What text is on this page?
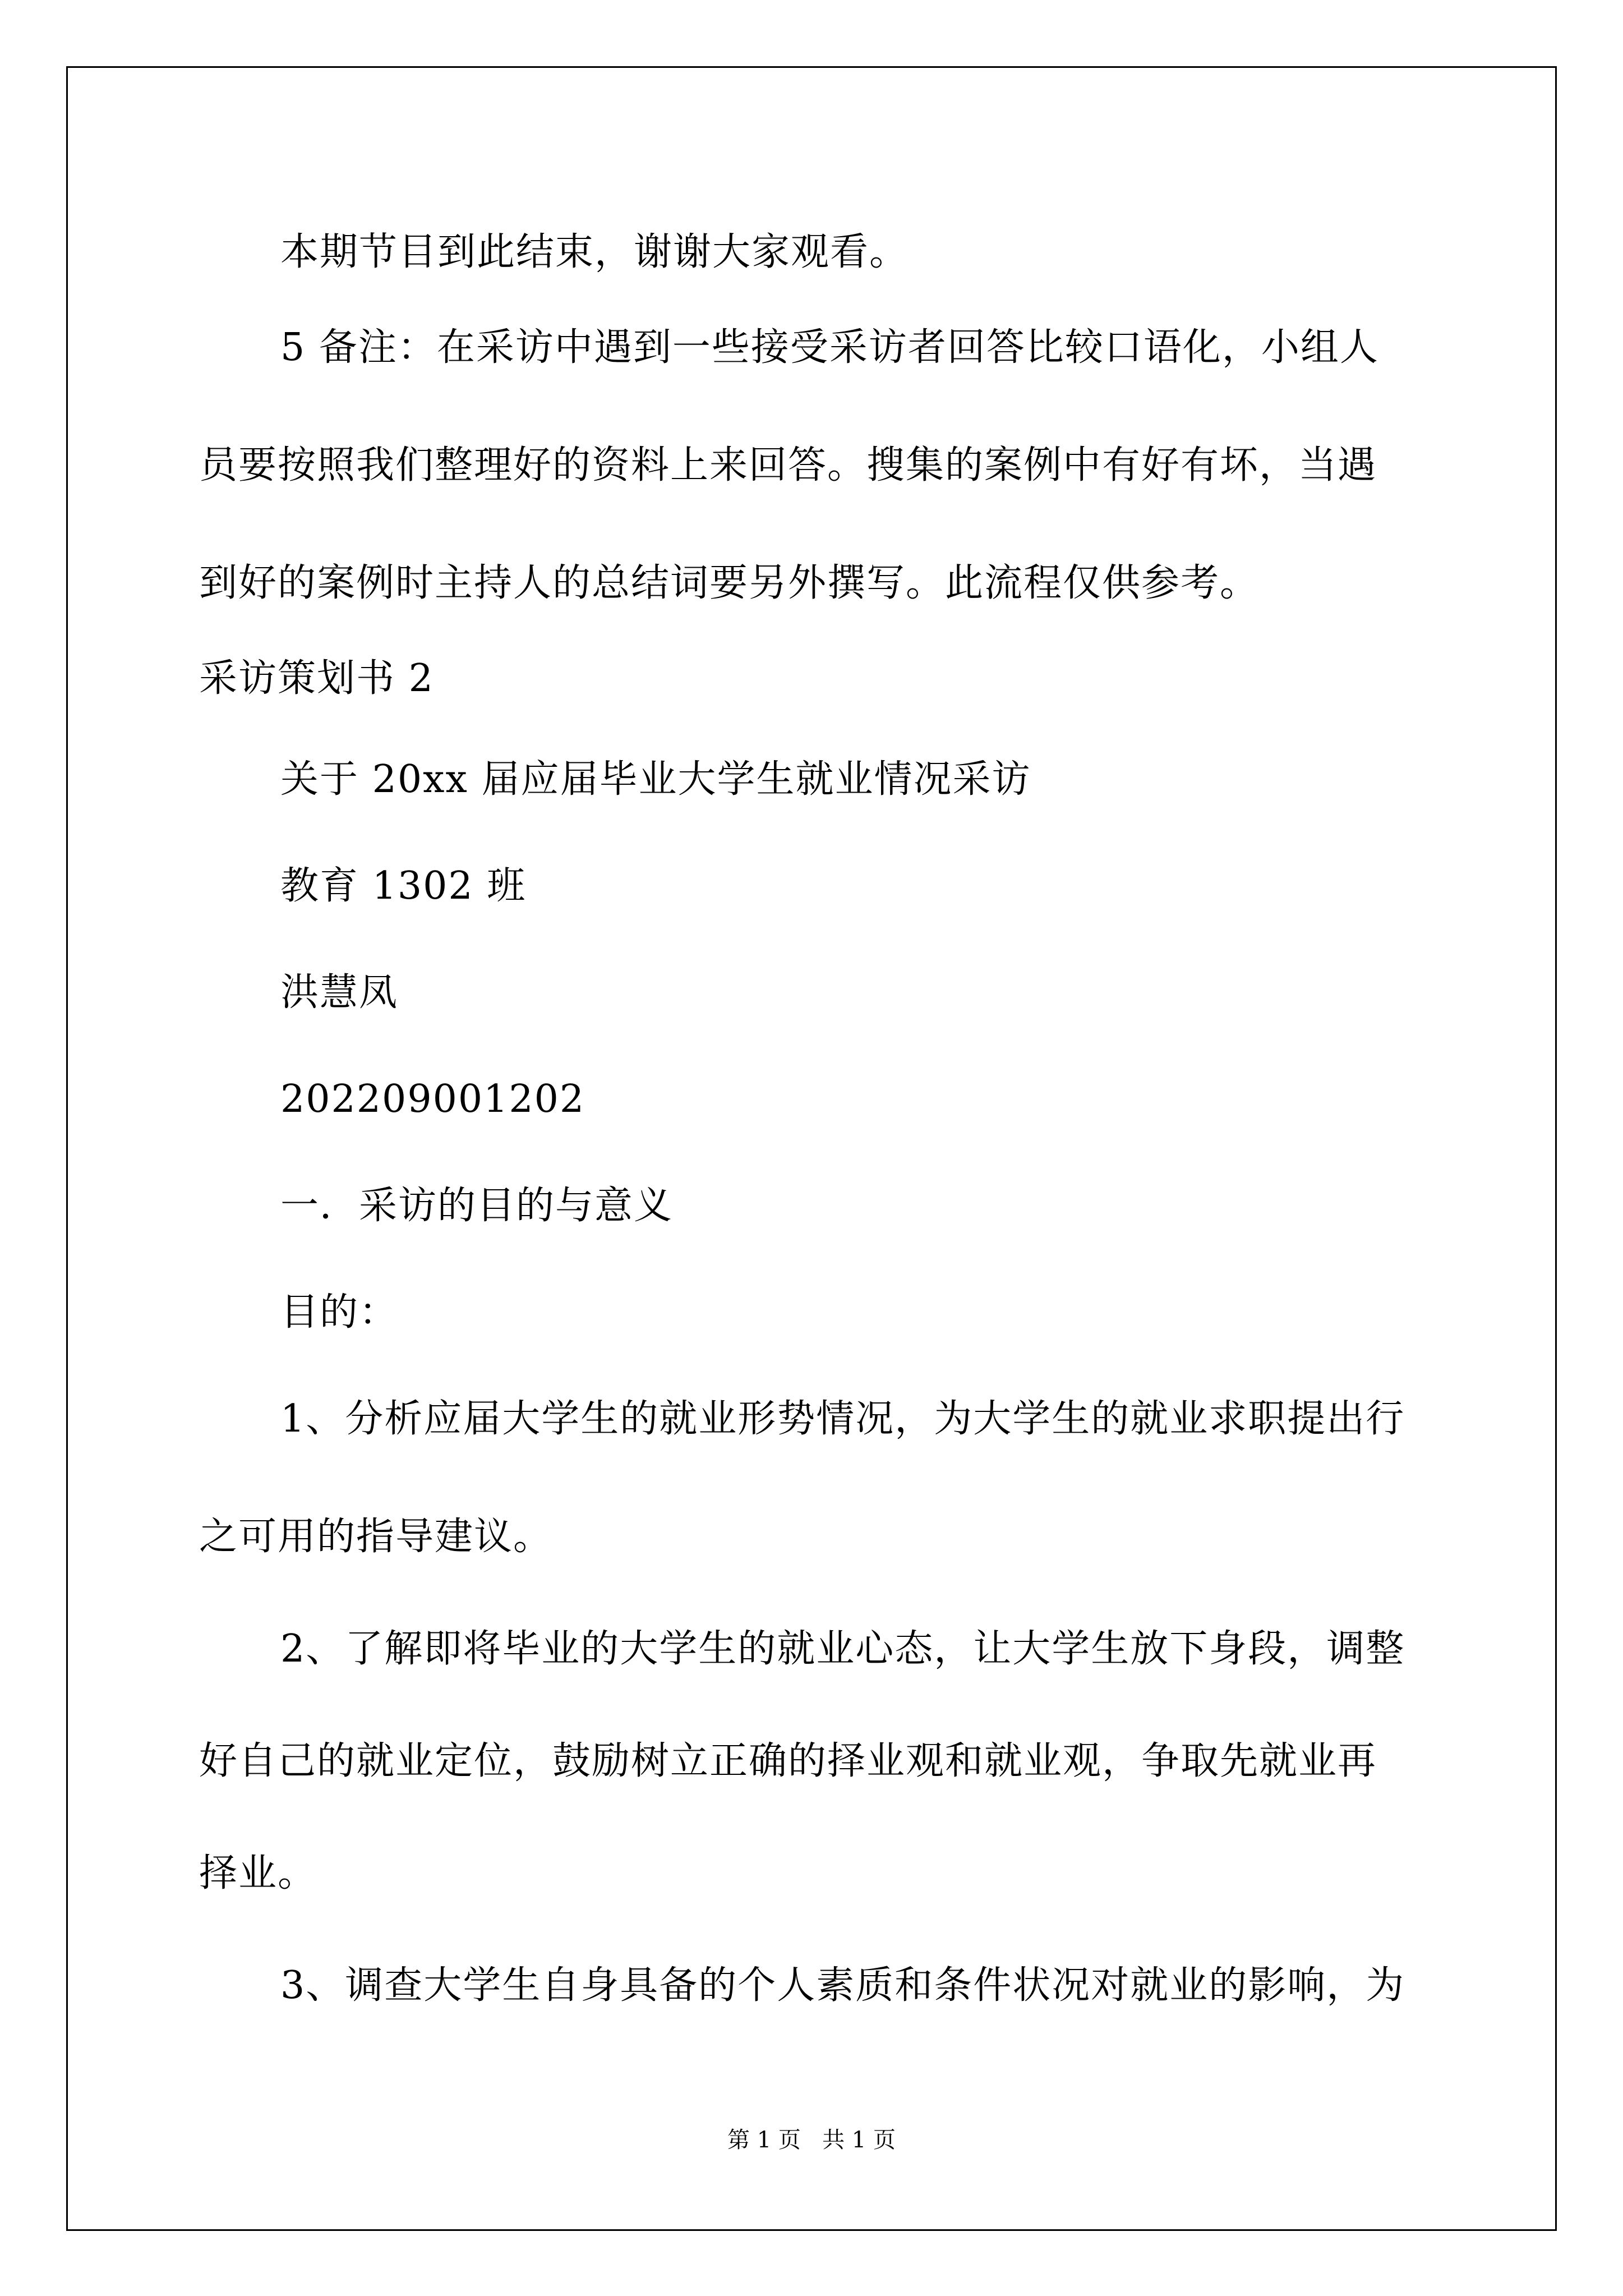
本期节目到此结束，谢谢大家观看。
5 备注：在采访中遇到一些接受采访者回答比较口语化，小组人
员要按照我们整理好的资料上来回答。搜集的案例中有好有坏，当遇
到好的案例时主持人的总结词要另外撰写。此流程仅供参考。
采访策划书 2
关于 20xx 届应届毕业大学生就业情况采访
教育 1302 班
洪慧凤
202209001202
一．采访的目的与意义
目的：
1、分析应届大学生的就业形势情况，为大学生的就业求职提出行
之可用的指导建议。
2、了解即将毕业的大学生的就业心态，让大学生放下身段，调整
好自己的就业定位，鼓励树立正确的择业观和就业观，争取先就业再
择业。
3、调查大学生自身具备的个人素质和条件状况对就业的影响，为
第 1 页   共 1 页
